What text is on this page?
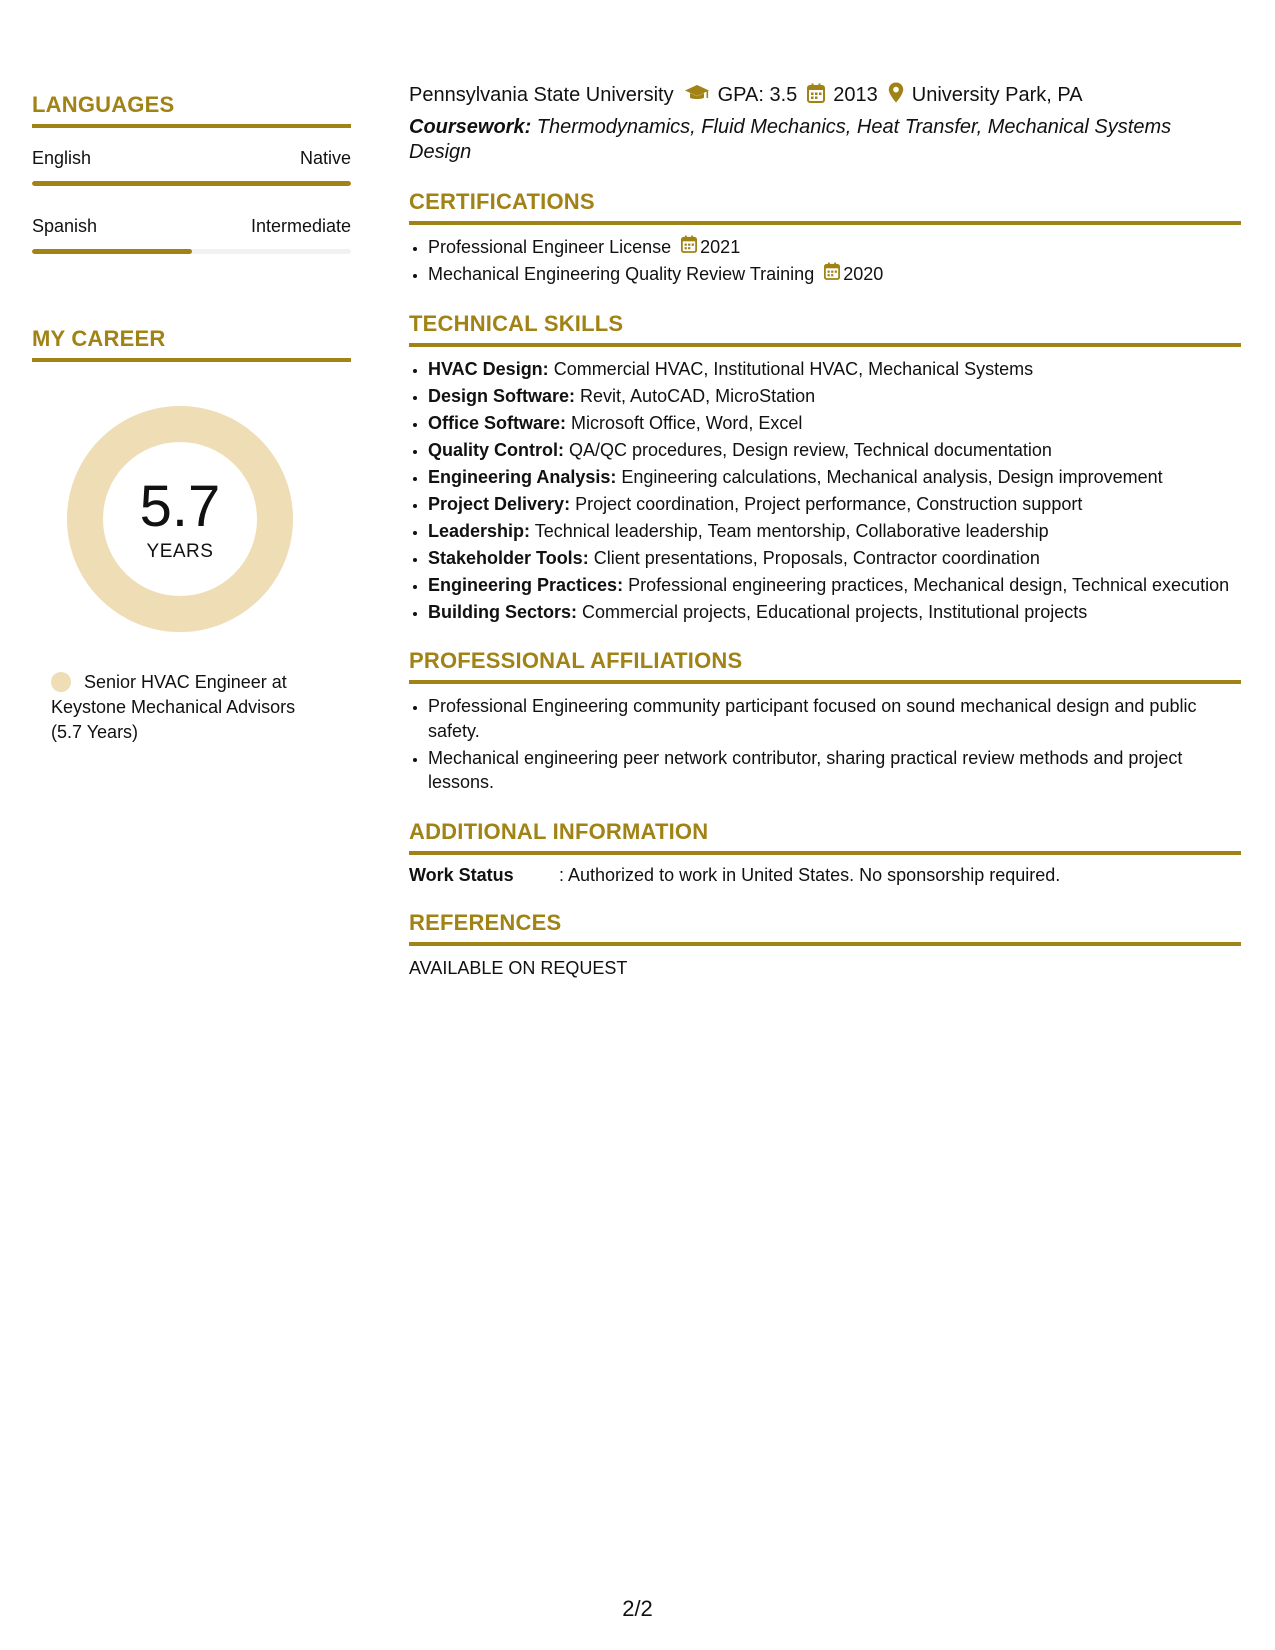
LANGUAGES
English	Native
Spanish	Intermediate
MY CAREER
5.7
YEARS
Senior HVAC Engineer at Keystone Mechanical Advisors (5.7 Years)
Pennsylvania State University GPA: 3.5 2013 University Park, PA
Coursework: Thermodynamics, Fluid Mechanics, Heat Transfer, Mechanical Systems Design
CERTIFICATIONS
• Professional Engineer License 2021
• Mechanical Engineering Quality Review Training 2020
TECHNICAL SKILLS
• HVAC Design: Commercial HVAC, Institutional HVAC, Mechanical Systems
• Design Software: Revit, AutoCAD, MicroStation
• Office Software: Microsoft Office, Word, Excel
• Quality Control: QA/QC procedures, Design review, Technical documentation
• Engineering Analysis: Engineering calculations, Mechanical analysis, Design improvement
• Project Delivery: Project coordination, Project performance, Construction support
• Leadership: Technical leadership, Team mentorship, Collaborative leadership
• Stakeholder Tools: Client presentations, Proposals, Contractor coordination
• Engineering Practices: Professional engineering practices, Mechanical design, Technical execution
• Building Sectors: Commercial projects, Educational projects, Institutional projects
PROFESSIONAL AFFILIATIONS
• Professional Engineering community participant focused on sound mechanical design and public safety.
• Mechanical engineering peer network contributor, sharing practical review methods and project lessons.
ADDITIONAL INFORMATION
Work Status	: Authorized to work in United States. No sponsorship required.
REFERENCES
AVAILABLE ON REQUEST
2/2
